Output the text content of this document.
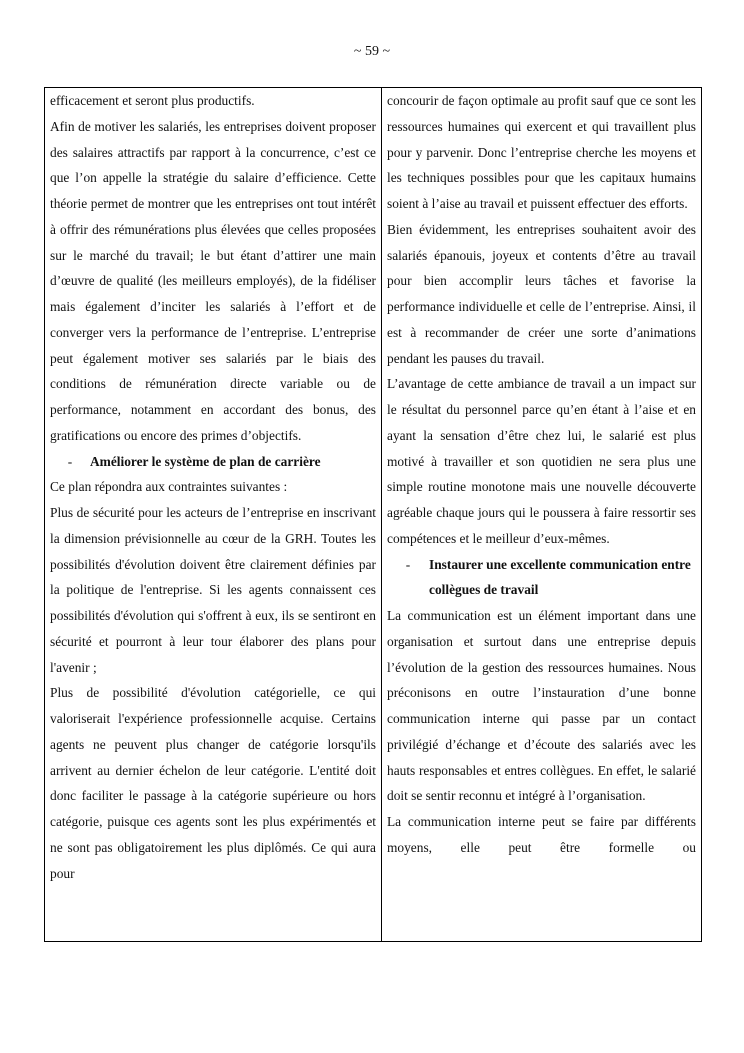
~ 59 ~

efficacement et seront plus productifs.

Afin de motiver les salariés, les entreprises doivent proposer des salaires attractifs par rapport à la concurrence, c’est ce que l’on appelle la stratégie du salaire d’efficience. Cette théorie permet de montrer que les entreprises ont tout intérêt à offrir des rémunérations plus élevées que celles proposées sur le marché du travail; le but étant d’attirer une main d’œuvre de qualité (les meilleurs employés), de la fidéliser mais également d’inciter les salariés à l’effort et de converger vers la performance de l’entreprise. L’entreprise peut également motiver ses salariés par le biais des conditions de rémunération directe variable ou de performance, notamment en accordant des bonus, des gratifications ou encore des primes d’objectifs.

-	Améliorer le système de plan de carrière

Ce plan répondra aux contraintes suivantes :

Plus de sécurité pour les acteurs de l’entreprise en inscrivant la dimension prévisionnelle au cœur de la GRH. Toutes les possibilités d'évolution doivent être clairement définies par la politique de l'entreprise. Si les agents connaissent ces possibilités d'évolution qui s'offrent à eux, ils se sentiront en sécurité et pourront à leur tour élaborer des plans pour l'avenir ;

Plus de possibilité d'évolution catégorielle, ce qui valoriserait l'expérience professionnelle acquise. Certains agents ne peuvent plus changer de catégorie lorsqu'ils arrivent au dernier échelon de leur catégorie. L'entité doit donc faciliter le passage à la catégorie supérieure ou hors catégorie, puisque ces agents sont les plus expérimentés et ne sont pas obligatoirement les plus diplômés. Ce qui aura pour

concourir de façon optimale au profit sauf que ce sont les ressources humaines qui exercent et qui travaillent plus pour y parvenir. Donc l’entreprise cherche les moyens et les techniques possibles pour que les capitaux humains soient à l’aise au travail et puissent effectuer des efforts.

Bien évidemment, les entreprises souhaitent avoir des salariés épanouis, joyeux et contents d’être au travail pour bien accomplir leurs tâches et favorise la performance individuelle et celle de l’entreprise. Ainsi, il est à recommander de créer une sorte d’animations pendant les pauses du travail.

L’avantage de cette ambiance de travail a un impact sur le résultat du personnel parce qu’en étant à l’aise et en ayant la sensation d’être chez lui, le salarié est plus motivé à travailler et son quotidien ne sera plus une simple routine monotone mais une nouvelle découverte agréable chaque jours qui le poussera à faire ressortir ses compétences et le meilleur d’eux-mêmes.

-	Instaurer une excellente communication entre collègues de travail

La communication est un élément important dans une organisation et surtout dans une entreprise depuis l’évolution de la gestion des ressources humaines. Nous préconisons en outre l’instauration d’une bonne communication interne qui passe par un contact privilégié d’échange et d’écoute des salariés avec les hauts responsables et entres collègues. En effet, le salarié doit se sentir reconnu et intégré à l’organisation.

La communication interne peut se faire par différents moyens, elle peut être formelle ou
